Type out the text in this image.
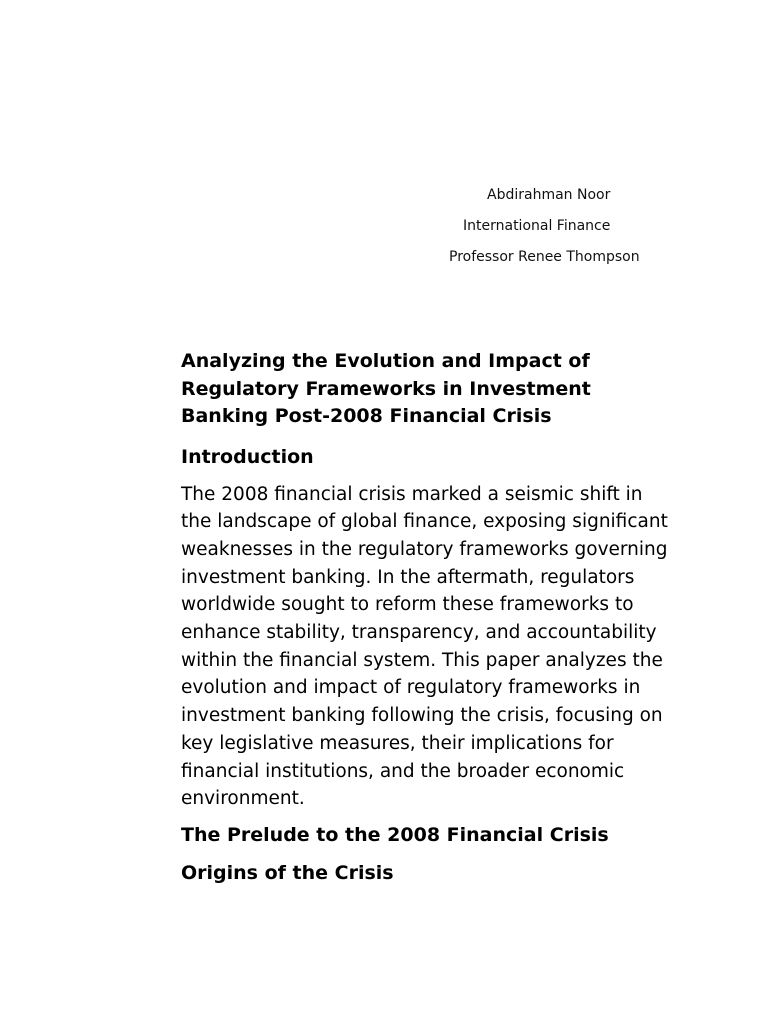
Abdirahman Noor
International Finance
Professor Renee Thompson
Analyzing the Evolution and Impact of Regulatory Frameworks in Investment Banking Post-2008 Financial Crisis
Introduction

The 2008 financial crisis marked a seismic shift in the landscape of global finance, exposing significant weaknesses in the regulatory frameworks governing investment banking. In the aftermath, regulators worldwide sought to reform these frameworks to enhance stability, transparency, and accountability within the financial system. This paper analyzes the evolution and impact of regulatory frameworks in investment banking following the crisis, focusing on key legislative measures, their implications for financial institutions, and the broader economic environment.

The Prelude to the 2008 Financial Crisis
Origins of the Crisis
